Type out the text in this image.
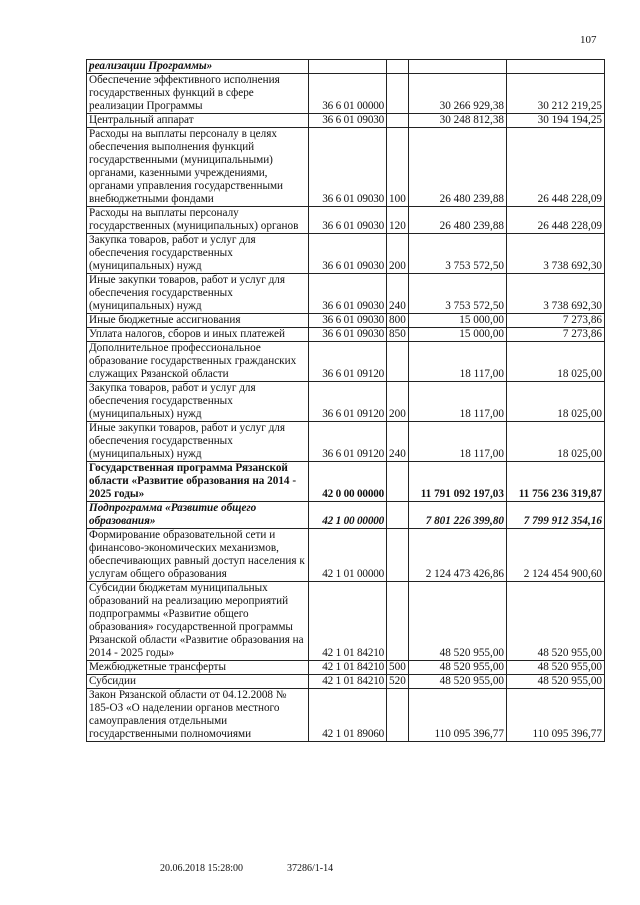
107
реализации Программы»				
Обеспечение эффективного исполнения государственных функций в сфере реализации Программы	36 6 01 00000		30 266 929,38	30 212 219,25
Центральный аппарат	36 6 01 09030		30 248 812,38	30 194 194,25
Расходы на выплаты персоналу в целях обеспечения выполнения функций государственными (муниципальными) органами, казенными учреждениями, органами управления государственными внебюджетными фондами	36 6 01 09030	100	26 480 239,88	26 448 228,09
Расходы на выплаты персоналу государственных (муниципальных) органов	36 6 01 09030	120	26 480 239,88	26 448 228,09
Закупка товаров, работ и услуг для обеспечения государственных (муниципальных) нужд	36 6 01 09030	200	3 753 572,50	3 738 692,30
Иные закупки товаров, работ и услуг для обеспечения государственных (муниципальных) нужд	36 6 01 09030	240	3 753 572,50	3 738 692,30
Иные бюджетные ассигнования	36 6 01 09030	800	15 000,00	7 273,86
Уплата налогов, сборов и иных платежей	36 6 01 09030	850	15 000,00	7 273,86
Дополнительное профессиональное образование государственных гражданских служащих Рязанской области	36 6 01 09120		18 117,00	18 025,00
Закупка товаров, работ и услуг для обеспечения государственных (муниципальных) нужд	36 6 01 09120	200	18 117,00	18 025,00
Иные закупки товаров, работ и услуг для обеспечения государственных (муниципальных) нужд	36 6 01 09120	240	18 117,00	18 025,00
Государственная программа Рязанской области «Развитие образования на 2014 - 2025 годы»	42 0 00 00000		11 791 092 197,03	11 756 236 319,87
Подпрограмма «Развитие общего образования»	42 1 00 00000		7 801 226 399,80	7 799 912 354,16
Формирование образовательной сети и финансово-экономических механизмов, обеспечивающих равный доступ населения к услугам общего образования	42 1 01 00000		2 124 473 426,86	2 124 454 900,60
Субсидии бюджетам муниципальных образований на реализацию мероприятий подпрограммы «Развитие общего образования» государственной программы Рязанской области «Развитие образования на 2014 - 2025 годы»	42 1 01 84210		48 520 955,00	48 520 955,00
Межбюджетные трансферты	42 1 01 84210	500	48 520 955,00	48 520 955,00
Субсидии	42 1 01 84210	520	48 520 955,00	48 520 955,00
Закон Рязанской области от 04.12.2008 № 185-ОЗ «О наделении органов местного самоуправления отдельными государственными полномочиями	42 1 01 89060		110 095 396,77	110 095 396,77
20.06.2018 15:28:00	37286/1-14
